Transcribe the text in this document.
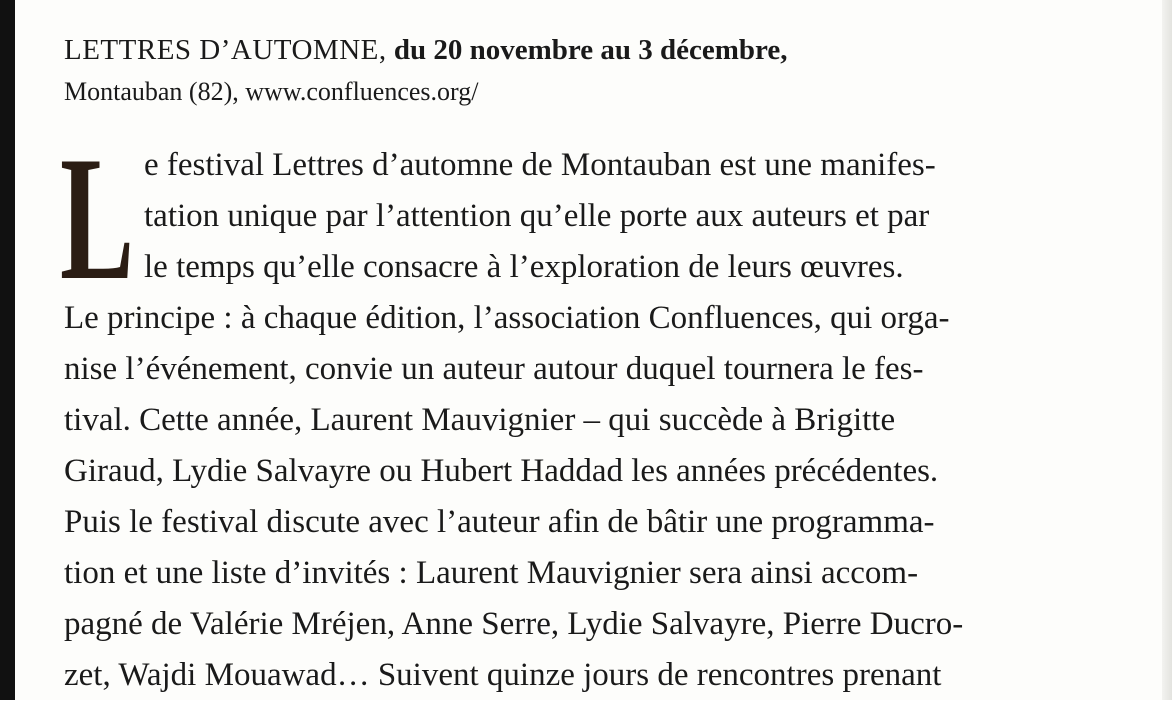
LETTRES D’AUTOMNE, du 20 novembre au 3 décembre,
Montauban (82), www.confluences.org/
L e festival Lettres d’automne de Montauban est une manifes-
tation unique par l’attention qu’elle porte aux auteurs et par
le temps qu’elle consacre à l’exploration de leurs œuvres.
Le principe : à chaque édition, l’association Confluences, qui orga-
nise l’événement, convie un auteur autour duquel tournera le fes-
tival. Cette année, Laurent Mauvignier – qui succède à Brigitte
Giraud, Lydie Salvayre ou Hubert Haddad les années précédentes.
Puis le festival discute avec l’auteur afin de bâtir une programma-
tion et une liste d’invités : Laurent Mauvignier sera ainsi accom-
pagné de Valérie Mréjen, Anne Serre, Lydie Salvayre, Pierre Ducro-
zet, Wajdi Mouawad… Suivent quinze jours de rencontres prenant
